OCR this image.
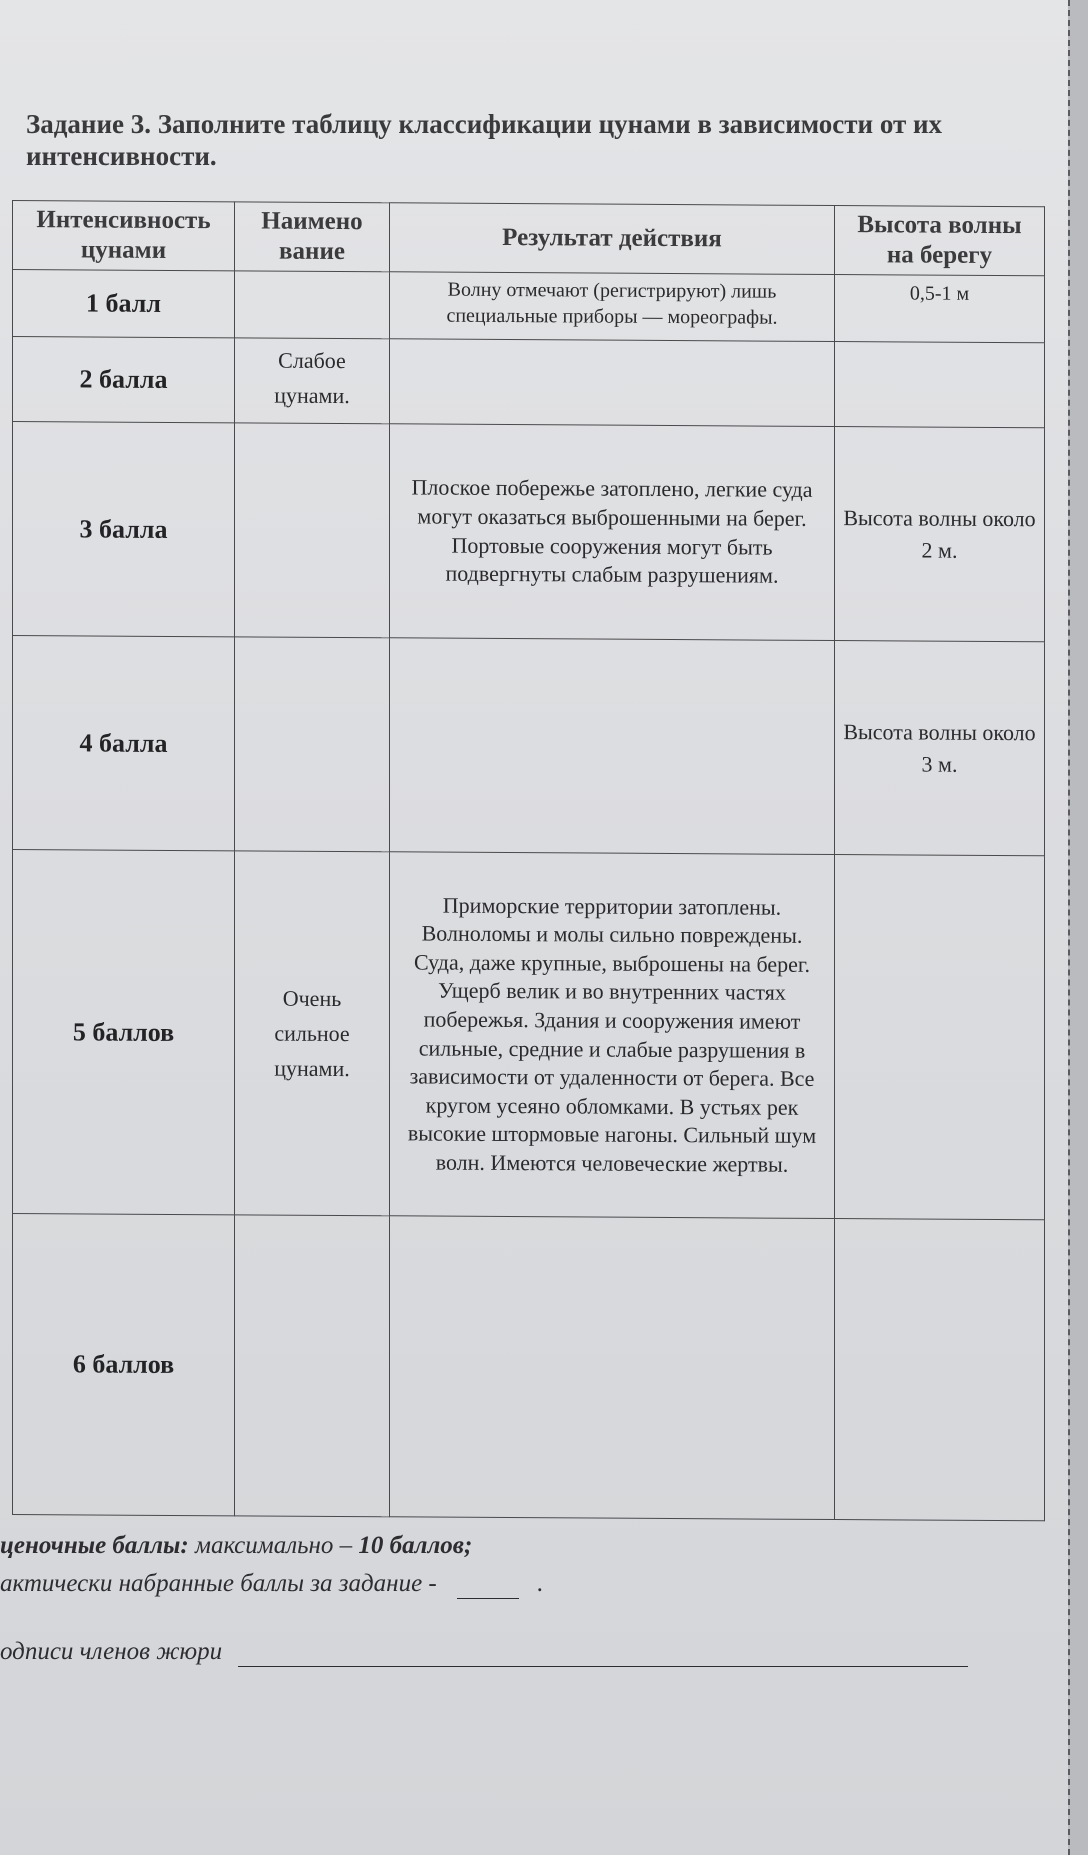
Задание 3. Заполните таблицу классификации цунами в зависимости от их интенсивности.
Интенсивность цунами	Наимено вание	Результат действия	Высота волны на берегу
1 балл		Волну отмечают (регистрируют) лишь специальные приборы — мореографы.	0,5-1 м
2 балла	Слабое цунами.		
3 балла		Плоское побережье затоплено, легкие суда могут оказаться выброшенными на берег. Портовые сооружения могут быть подвергнуты слабым разрушениям.	Высота волны около 2 м.
4 балла			Высота волны около 3 м.
5 баллов	Очень сильное цунами.	Приморские территории затоплены. Волноломы и молы сильно повреждены. Суда, даже крупные, выброшены на берег. Ущерб велик и во внутренних частях побережья. Здания и сооружения имеют сильные, средние и слабые разрушения в зависимости от удаленности от берега. Все кругом усеяно обломками. В устьях рек высокие штормовые нагоны. Сильный шум волн. Имеются человеческие жертвы.	
6 баллов			
ценочные баллы: максимально – 10 баллов;
актически набранные баллы за задание -	.
одписи членов жюри
